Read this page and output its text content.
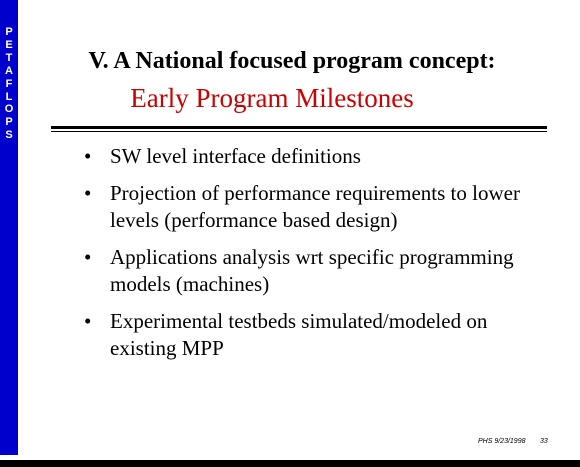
P
E
T
A
F
L
O
P
S
V. A National focused program concept:
Early Program Milestones
• SW level interface definitions
• Projection of performance requirements to lower levels (performance based design)
• Applications analysis wrt specific programming models (machines)
• Experimental testbeds simulated/modeled on existing MPP
PHS 9/23/1998 33
